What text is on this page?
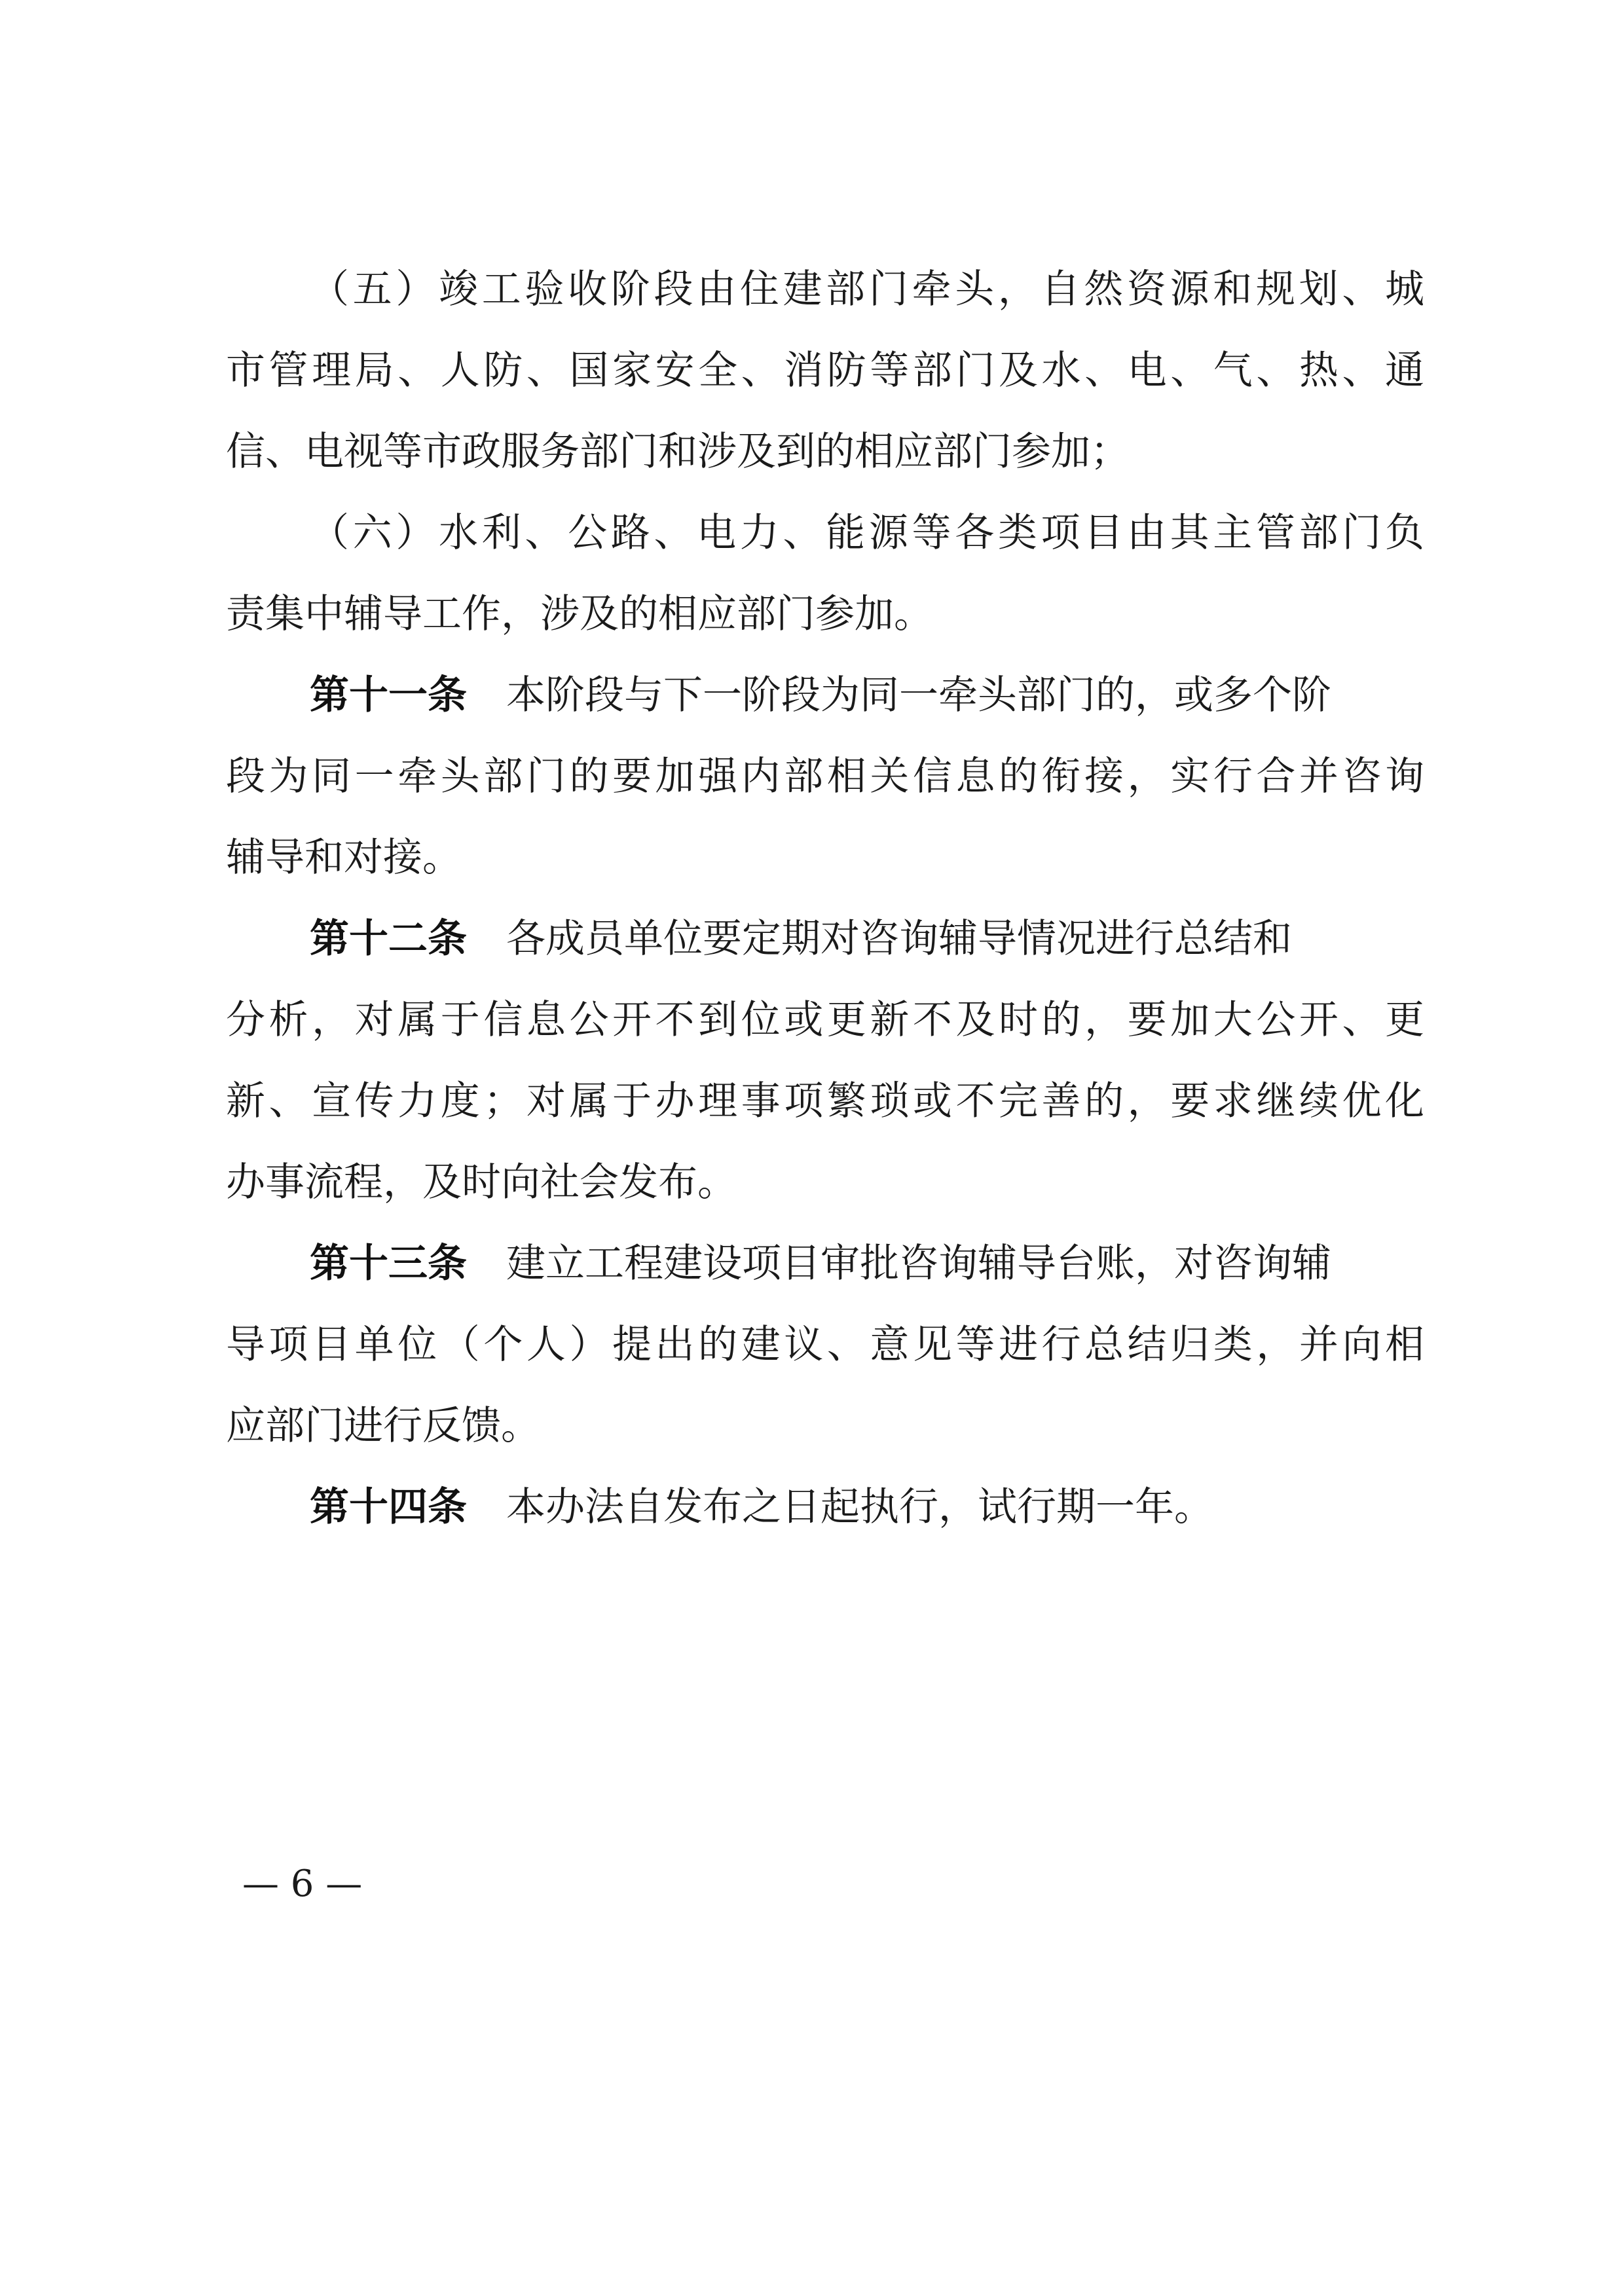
（五）竣工验收阶段由住建部门牵头，自然资源和规划、城
市管理局、人防、国家安全、消防等部门及水、电、气、热、通
信、电视等市政服务部门和涉及到的相应部门参加；
（六）水利、公路、电力、能源等各类项目由其主管部门负
责集中辅导工作，涉及的相应部门参加。
第十一条 本阶段与下一阶段为同一牵头部门的，或多个阶
段为同一牵头部门的要加强内部相关信息的衔接，实行合并咨询
辅导和对接。
第十二条 各成员单位要定期对咨询辅导情况进行总结和
分析，对属于信息公开不到位或更新不及时的，要加大公开、更
新、宣传力度；对属于办理事项繁琐或不完善的，要求继续优化
办事流程，及时向社会发布。
第十三条 建立工程建设项目审批咨询辅导台账，对咨询辅
导项目单位（个人）提出的建议、意见等进行总结归类，并向相
应部门进行反馈。
第十四条 本办法自发布之日起执行，试行期一年。
— 6 —
